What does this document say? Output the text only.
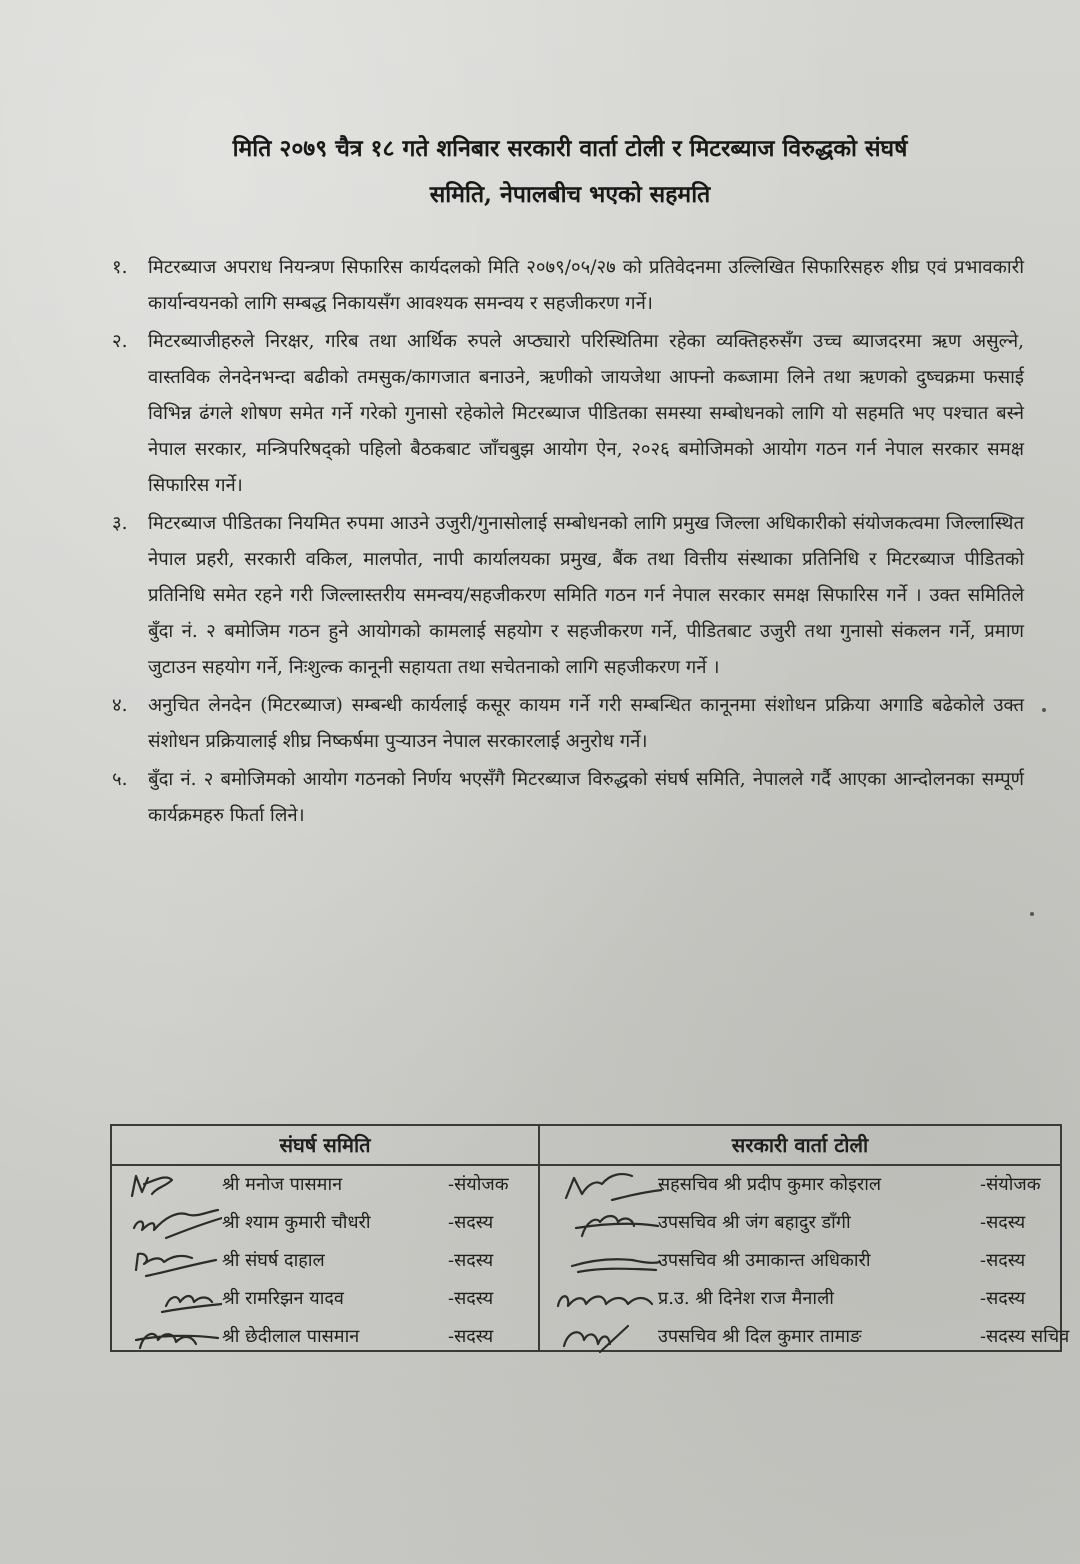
मिति २०७९ चैत्र १८ गते शनिबार सरकारी वार्ता टोली र मिटरब्याज विरुद्धको संघर्ष
समिति, नेपालबीच भएको सहमति
१.	मिटरब्याज अपराध नियन्त्रण सिफारिस कार्यदलको मिति २०७९/०५/२७ को प्रतिवेदनमा उल्लिखित सिफारिसहरु शीघ्र एवं प्रभावकारी कार्यान्वयनको लागि सम्बद्ध निकायसँग आवश्यक समन्वय र सहजीकरण गर्ने।
२.	मिटरब्याजीहरुले निरक्षर, गरिब तथा आर्थिक रुपले अप्ठ्यारो परिस्थितिमा रहेका व्यक्तिहरुसँग उच्च ब्याजदरमा ऋण असुल्ने, वास्तविक लेनदेनभन्दा बढीको तमसुक/कागजात बनाउने, ऋणीको जायजेथा आफ्नो कब्जामा लिने तथा ऋणको दुष्चक्रमा फसाई विभिन्न ढंगले शोषण समेत गर्ने गरेको गुनासो रहेकोले मिटरब्याज पीडितका समस्या सम्बोधनको लागि यो सहमति भए पश्चात बस्ने नेपाल सरकार, मन्त्रिपरिषद्को पहिलो बैठकबाट जाँचबुझ आयोग ऐन, २०२६ बमोजिमको आयोग गठन गर्न नेपाल सरकार समक्ष सिफारिस गर्ने।
३.	मिटरब्याज पीडितका नियमित रुपमा आउने उजुरी/गुनासोलाई सम्बोधनको लागि प्रमुख जिल्ला अधिकारीको संयोजकत्वमा जिल्लास्थित नेपाल प्रहरी, सरकारी वकिल, मालपोत, नापी कार्यालयका प्रमुख, बैंक तथा वित्तीय संस्थाका प्रतिनिधि र मिटरब्याज पीडितको प्रतिनिधि समेत रहने गरी जिल्लास्तरीय समन्वय/सहजीकरण समिति गठन गर्न नेपाल सरकार समक्ष सिफारिस गर्ने । उक्त समितिले बुँदा नं. २ बमोजिम गठन हुने आयोगको कामलाई सहयोग र सहजीकरण गर्ने, पीडितबाट उजुरी तथा गुनासो संकलन गर्ने, प्रमाण जुटाउन सहयोग गर्ने, निःशुल्क कानूनी सहायता तथा सचेतनाको लागि सहजीकरण गर्ने ।
४.	अनुचित लेनदेन (मिटरब्याज) सम्बन्धी कार्यलाई कसूर कायम गर्ने गरी सम्बन्धित कानूनमा संशोधन प्रक्रिया अगाडि बढेकोले उक्त संशोधन प्रक्रियालाई शीघ्र निष्कर्षमा पुऱ्याउन नेपाल सरकारलाई अनुरोध गर्ने।
५.	बुँदा नं. २ बमोजिमको आयोग गठनको निर्णय भएसँगै मिटरब्याज विरुद्धको संघर्ष समिति, नेपालले गर्दै आएका आन्दोलनका सम्पूर्ण कार्यक्रमहरु फिर्ता लिने।
संघर्ष समिति
श्री मनोज पासमान	-संयोजक
श्री श्याम कुमारी चौधरी	-सदस्य
श्री संघर्ष दाहाल	-सदस्य
श्री रामरिझन यादव	-सदस्य
श्री छेदीलाल पासमान	-सदस्य
सरकारी वार्ता टोली
सहसचिव श्री प्रदीप कुमार कोइराल	-संयोजक
उपसचिव श्री जंग बहादुर डाँगी	-सदस्य
उपसचिव श्री उमाकान्त अधिकारी	-सदस्य
प्र.उ. श्री दिनेश राज मैनाली	-सदस्य
उपसचिव श्री दिल कुमार तामाङ	-सदस्य सचिव
